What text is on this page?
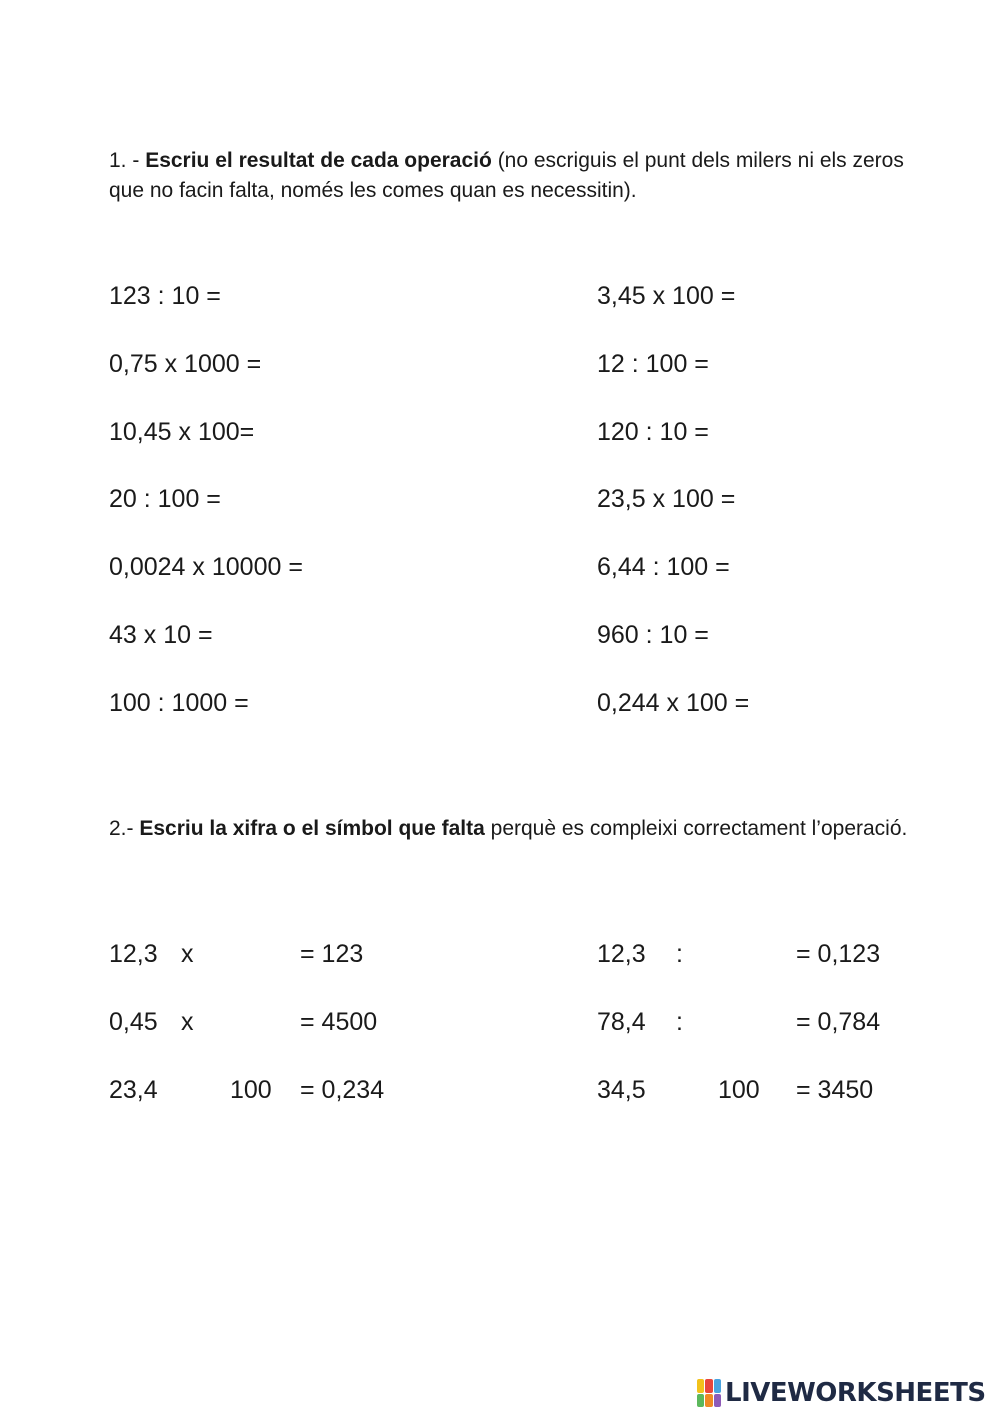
1. - Escriu el resultat de cada operació (no escriguis el punt dels milers ni els zeros que no facin falta, només les comes quan es necessitin).

123 : 10 =
0,75 x 1000 =
10,45 x 100=
20 : 100 =
0,0024 x 10000 =
43 x 10 =
100 : 1000 =
3,45 x 100 =
12 : 100 =
120 : 10 =
23,5 x 100 =
6,44 : 100 =
960 : 10 =
0,244 x 100 =

2.- Escriu la xifra o el símbol que falta perquè es compleixi correctament l’operació.

12,3 x	= 123
0,45 x	= 4500
23,4	100 = 0,234
12,3 :	= 0,123
78,4 :	= 0,784
34,5	100 = 3450
LIVEWORKSHEETS
